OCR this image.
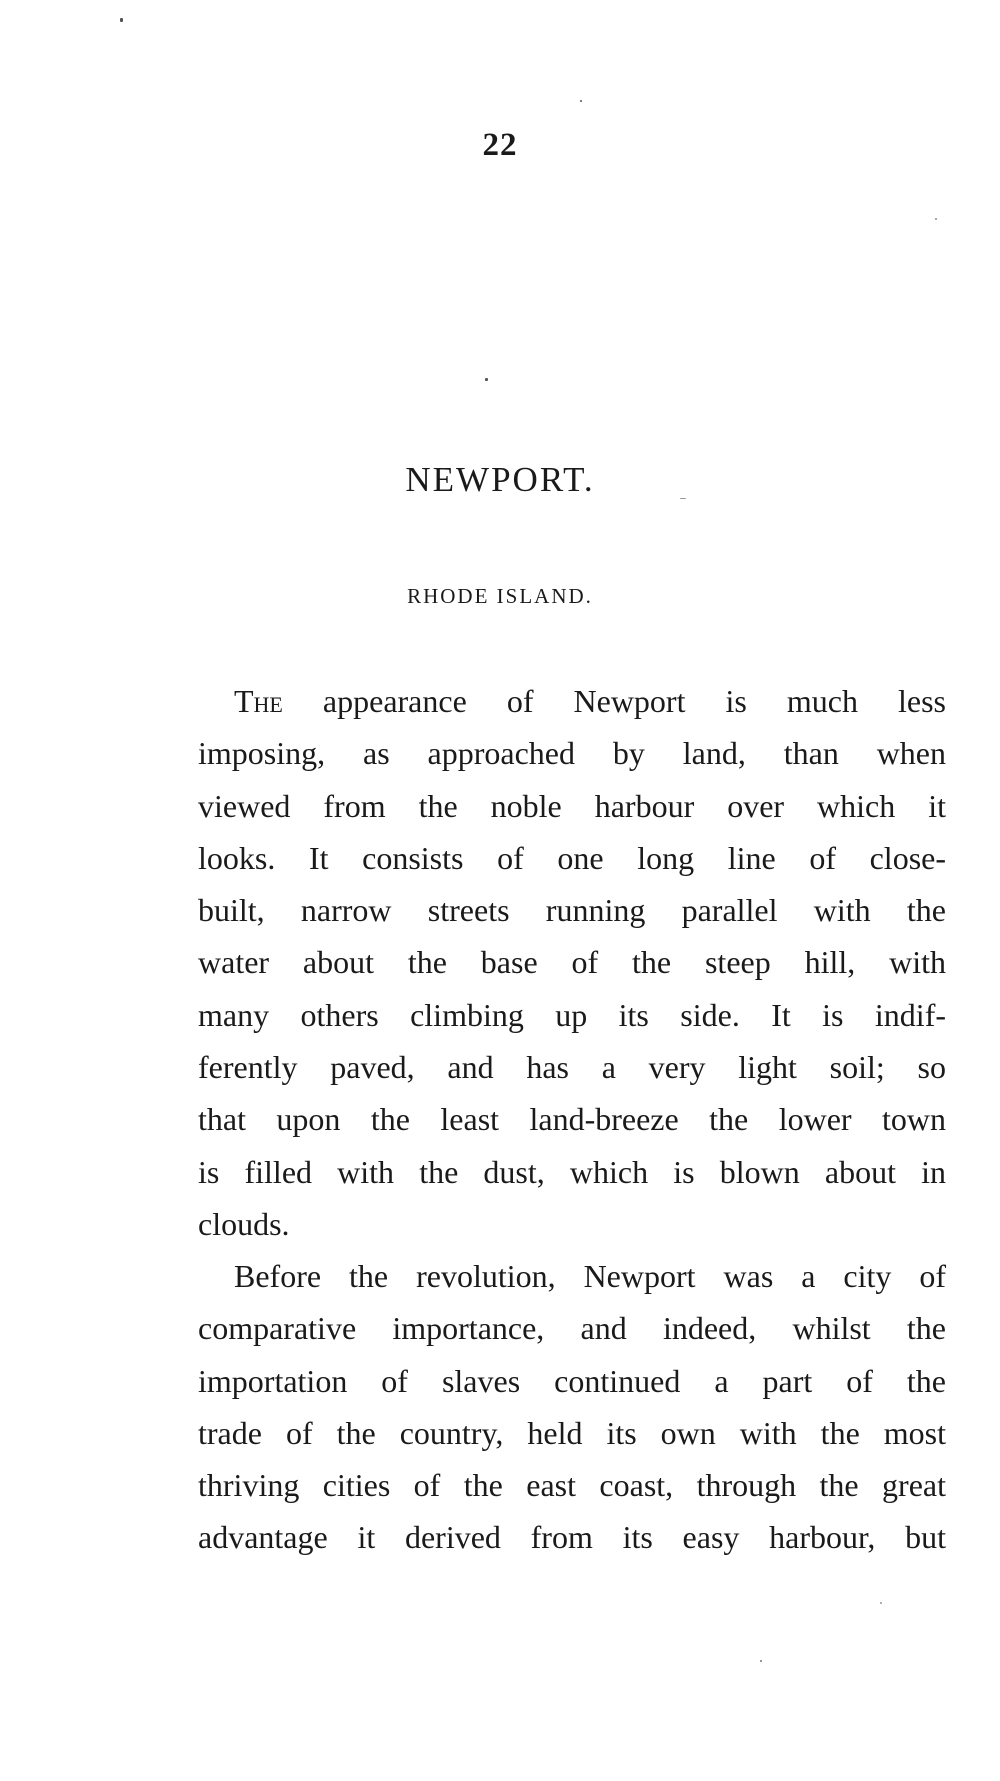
22
NEWPORT.
RHODE ISLAND.
The appearance of Newport is much less
imposing, as approached by land, than when
viewed from the noble harbour over which it
looks. It consists of one long line of close-
built, narrow streets running parallel with the
water about the base of the steep hill, with
many others climbing up its side. It is indif-
ferently paved, and has a very light soil; so
that upon the least land-breeze the lower town
is filled with the dust, which is blown about in
clouds.
Before the revolution, Newport was a city of
comparative importance, and indeed, whilst the
importation of slaves continued a part of the
trade of the country, held its own with the most
thriving cities of the east coast, through the great
advantage it derived from its easy harbour, but
